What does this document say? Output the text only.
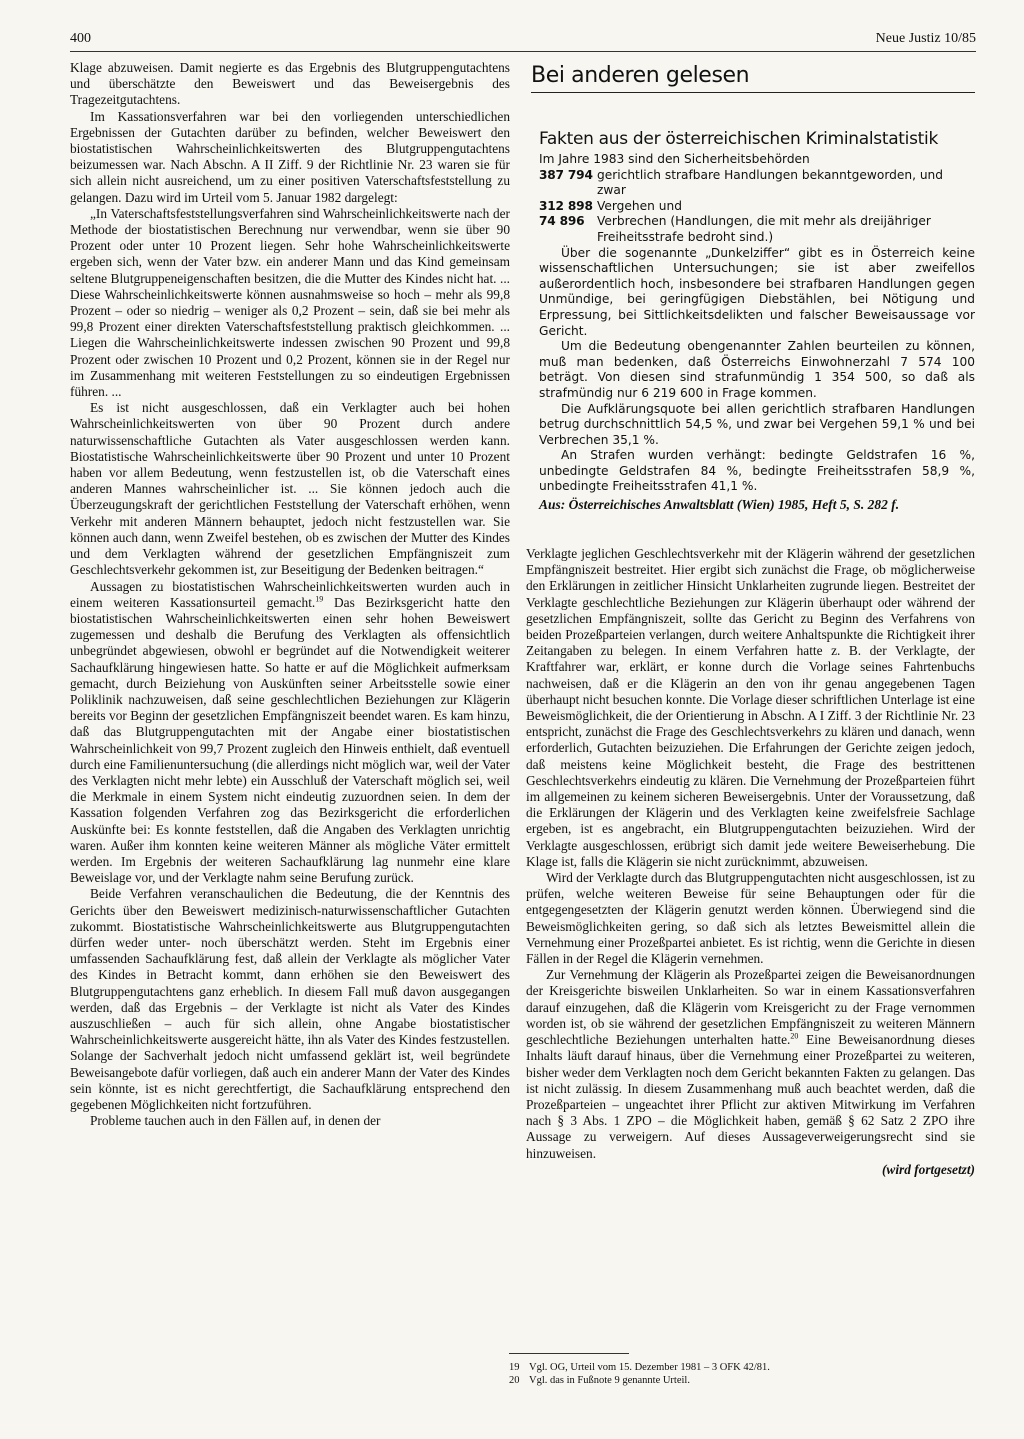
400	Neue Justiz 10/85

Klage abzuweisen. Damit negierte es das Ergebnis des Blutgruppengutachtens und überschätzte den Beweiswert und das Beweisergebnis des Tragezeitgutachtens.

Im Kassationsverfahren war bei den vorliegenden unterschiedlichen Ergebnissen der Gutachten darüber zu befinden, welcher Beweiswert den biostatistischen Wahrscheinlichkeitswerten des Blutgruppengutachtens beizumessen war. Nach Abschn. A II Ziff. 9 der Richtlinie Nr. 23 waren sie für sich allein nicht ausreichend, um zu einer positiven Vaterschaftsfeststellung zu gelangen. Dazu wird im Urteil vom 5. Januar 1982 dargelegt:

„In Vaterschaftsfeststellungsverfahren sind Wahrscheinlichkeitswerte nach der Methode der biostatistischen Berechnung nur verwendbar, wenn sie über 90 Prozent oder unter 10 Prozent liegen. Sehr hohe Wahrscheinlichkeitswerte ergeben sich, wenn der Vater bzw. ein anderer Mann und das Kind gemeinsam seltene Blutgruppeneigenschaften besitzen, die die Mutter des Kindes nicht hat. ... Diese Wahrscheinlichkeitswerte können ausnahmsweise so hoch – mehr als 99,8 Prozent – oder so niedrig – weniger als 0,2 Prozent – sein, daß sie bei mehr als 99,8 Prozent einer direkten Vaterschaftsfeststellung praktisch gleichkommen. ... Liegen die Wahrscheinlichkeitswerte indessen zwischen 90 Prozent und 99,8 Prozent oder zwischen 10 Prozent und 0,2 Prozent, können sie in der Regel nur im Zusammenhang mit weiteren Feststellungen zu so eindeutigen Ergebnissen führen. ...

Es ist nicht ausgeschlossen, daß ein Verklagter auch bei hohen Wahrscheinlichkeitswerten von über 90 Prozent durch andere naturwissenschaftliche Gutachten als Vater ausgeschlossen werden kann. Biostatistische Wahrscheinlichkeitswerte über 90 Prozent und unter 10 Prozent haben vor allem Bedeutung, wenn festzustellen ist, ob die Vaterschaft eines anderen Mannes wahrscheinlicher ist. ... Sie können jedoch auch die Überzeugungskraft der gerichtlichen Feststellung der Vaterschaft erhöhen, wenn Verkehr mit anderen Männern behauptet, jedoch nicht festzustellen war. Sie können auch dann, wenn Zweifel bestehen, ob es zwischen der Mutter des Kindes und dem Verklagten während der gesetzlichen Empfängniszeit zum Geschlechtsverkehr gekommen ist, zur Beseitigung der Bedenken beitragen.“

Aussagen zu biostatistischen Wahrscheinlichkeitswerten wurden auch in einem weiteren Kassationsurteil gemacht.$^{19}$ Das Bezirksgericht hatte den biostatistischen Wahrscheinlichkeitswerten einen sehr hohen Beweiswert zugemessen und deshalb die Berufung des Verklagten als offensichtlich unbegründet abgewiesen, obwohl er begründet auf die Notwendigkeit weiterer Sachaufklärung hingewiesen hatte. So hatte er auf die Möglichkeit aufmerksam gemacht, durch Beiziehung von Auskünften seiner Arbeitsstelle sowie einer Poliklinik nachzuweisen, daß seine geschlechtlichen Beziehungen zur Klägerin bereits vor Beginn der gesetzlichen Empfängniszeit beendet waren. Es kam hinzu, daß das Blutgruppengutachten mit der Angabe einer biostatistischen Wahrscheinlichkeit von 99,7 Prozent zugleich den Hinweis enthielt, daß eventuell durch eine Familienuntersuchung (die allerdings nicht möglich war, weil der Vater des Verklagten nicht mehr lebte) ein Ausschluß der Vaterschaft möglich sei, weil die Merkmale in einem System nicht eindeutig zuzuordnen seien. In dem der Kassation folgenden Verfahren zog das Bezirksgericht die erforderlichen Auskünfte bei: Es konnte feststellen, daß die Angaben des Verklagten unrichtig waren. Außer ihm konnten keine weiteren Männer als mögliche Väter ermittelt werden. Im Ergebnis der weiteren Sachaufklärung lag nunmehr eine klare Beweislage vor, und der Verklagte nahm seine Berufung zurück.

Beide Verfahren veranschaulichen die Bedeutung, die der Kenntnis des Gerichts über den Beweiswert medizinisch-naturwissenschaftlicher Gutachten zukommt. Biostatistische Wahrscheinlichkeitswerte aus Blutgruppengutachten dürfen weder unter- noch überschätzt werden. Steht im Ergebnis einer umfassenden Sachaufklärung fest, daß allein der Verklagte als möglicher Vater des Kindes in Betracht kommt, dann erhöhen sie den Beweiswert des Blutgruppengutachtens ganz erheblich. In diesem Fall muß davon ausgegangen werden, daß das Ergebnis – der Verklagte ist nicht als Vater des Kindes auszuschließen – auch für sich allein, ohne Angabe biostatistischer Wahrscheinlichkeitswerte ausgereicht hätte, ihn als Vater des Kindes festzustellen. Solange der Sachverhalt jedoch nicht umfassend geklärt ist, weil begründete Beweisangebote dafür vorliegen, daß auch ein anderer Mann der Vater des Kindes sein könnte, ist es nicht gerechtfertigt, die Sachaufklärung entsprechend den gegebenen Möglichkeiten nicht fortzuführen.

Probleme tauchen auch in den Fällen auf, in denen der

Bei anderen gelesen
Fakten aus der österreichischen Kriminalstatistik
Im Jahre 1983 sind den Sicherheitsbehörden
387 794 gerichtlich strafbare Handlungen bekanntgeworden, und zwar
312 898 Vergehen und
74 896	Verbrechen (Handlungen, die mit mehr als dreijähriger Freiheitsstrafe bedroht sind.)

Über die sogenannte „Dunkelziffer“ gibt es in Österreich keine wissenschaftlichen Untersuchungen; sie ist aber zweifellos außerordentlich hoch, insbesondere bei strafbaren Handlungen gegen Unmündige, bei geringfügigen Diebstählen, bei Nötigung und Erpressung, bei Sittlichkeitsdelikten und falscher Beweisaussage vor Gericht.

Um die Bedeutung obengenannter Zahlen beurteilen zu können, muß man bedenken, daß Österreichs Einwohnerzahl 7 574 100 beträgt. Von diesen sind strafunmündig 1 354 500, so daß als strafmündig nur 6 219 600 in Frage kommen.

Die Aufklärungsquote bei allen gerichtlich strafbaren Handlungen betrug durchschnittlich 54,5 %, und zwar bei Vergehen 59,1 % und bei Verbrechen 35,1 %.

An Strafen wurden verhängt: bedingte Geldstrafen 16 %, unbedingte Geldstrafen 84 %, bedingte Freiheitsstrafen 58,9 %, unbedingte Freiheitsstrafen 41,1 %.

Aus: Österreichisches Anwaltsblatt (Wien) 1985, Heft 5, S. 282 f.

Verklagte jeglichen Geschlechtsverkehr mit der Klägerin während der gesetzlichen Empfängniszeit bestreitet. Hier ergibt sich zunächst die Frage, ob möglicherweise den Erklärungen in zeitlicher Hinsicht Unklarheiten zugrunde liegen. Bestreitet der Verklagte geschlechtliche Beziehungen zur Klägerin überhaupt oder während der gesetzlichen Empfängniszeit, sollte das Gericht zu Beginn des Verfahrens von beiden Prozeßparteien verlangen, durch weitere Anhaltspunkte die Richtigkeit ihrer Zeitangaben zu belegen. In einem Verfahren hatte z. B. der Verklagte, der Kraftfahrer war, erklärt, er konne durch die Vorlage seines Fahrtenbuchs nachweisen, daß er die Klägerin an den von ihr genau angegebenen Tagen überhaupt nicht besuchen konnte. Die Vorlage dieser schriftlichen Unterlage ist eine Beweismöglichkeit, die der Orientierung in Abschn. A I Ziff. 3 der Richtlinie Nr. 23 entspricht, zunächst die Frage des Geschlechtsverkehrs zu klären und danach, wenn erforderlich, Gutachten beizuziehen. Die Erfahrungen der Gerichte zeigen jedoch, daß meistens keine Möglichkeit besteht, die Frage des bestrittenen Geschlechtsverkehrs eindeutig zu klären. Die Vernehmung der Prozeßparteien führt im allgemeinen zu keinem sicheren Beweisergebnis. Unter der Voraussetzung, daß die Erklärungen der Klägerin und des Verklagten keine zweifelsfreie Sachlage ergeben, ist es angebracht, ein Blutgruppengutachten beizuziehen. Wird der Verklagte ausgeschlossen, erübrigt sich damit jede weitere Beweiserhebung. Die Klage ist, falls die Klägerin sie nicht zurücknimmt, abzuweisen.

Wird der Verklagte durch das Blutgruppengutachten nicht ausgeschlossen, ist zu prüfen, welche weiteren Beweise für seine Behauptungen oder für die entgegengesetzten der Klägerin genutzt werden können. Überwiegend sind die Beweismöglichkeiten gering, so daß sich als letztes Beweismittel allein die Vernehmung einer Prozeßpartei anbietet. Es ist richtig, wenn die Gerichte in diesen Fällen in der Regel die Klägerin vernehmen.

Zur Vernehmung der Klägerin als Prozeßpartei zeigen die Beweisanordnungen der Kreisgerichte bisweilen Unklarheiten. So war in einem Kassationsverfahren darauf einzugehen, daß die Klägerin vom Kreisgericht zu der Frage vernommen worden ist, ob sie während der gesetzlichen Empfängniszeit zu weiteren Männern geschlechtliche Beziehungen unterhalten hatte.$^{20}$ Eine Beweisanordnung dieses Inhalts läuft darauf hinaus, über die Vernehmung einer Prozeßpartei zu weiteren, bisher weder dem Verklagten noch dem Gericht bekannten Fakten zu gelangen. Das ist nicht zulässig. In diesem Zusammenhang muß auch beachtet werden, daß die Prozeßparteien – ungeachtet ihrer Pflicht zur aktiven Mitwirkung im Verfahren nach § 3 Abs. 1 ZPO – die Möglichkeit haben, gemäß § 62 Satz 2 ZPO ihre Aussage zu verweigern. Auf dieses Aussageverweigerungsrecht sind sie hinzuweisen.

(wird fortgesetzt)
19 Vgl. OG, Urteil vom 15. Dezember 1981 – 3 OFK 42/81.
20 Vgl. das in Fußnote 9 genannte Urteil.
